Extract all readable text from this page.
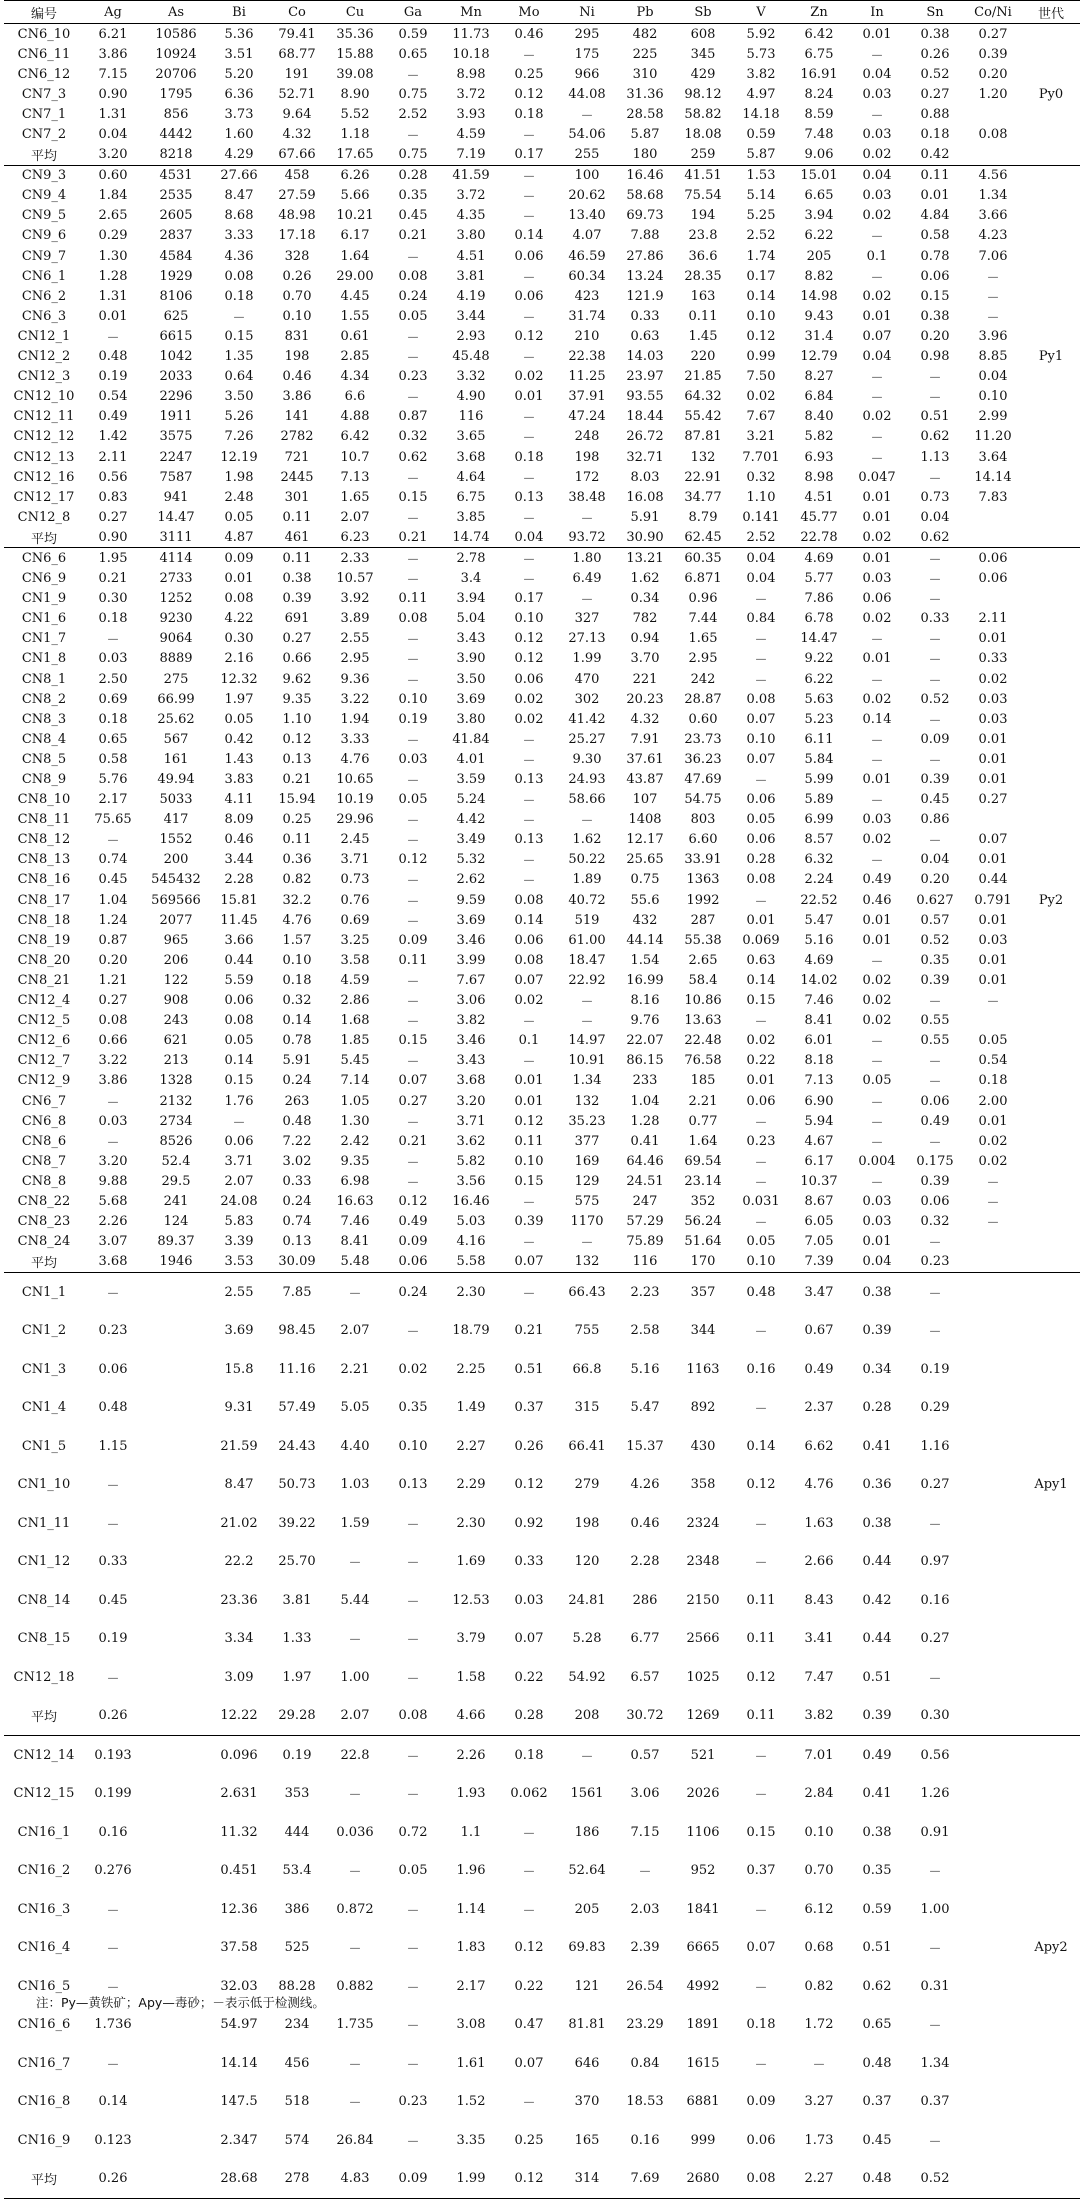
编号	Ag	As	Bi	Co	Cu	Ga	Mn	Mo	Ni	Pb	Sb	V	Zn	In	Sn	Co/Ni	世代
CN6_10	6.21	10586	5.36	79.41	35.36	0.59	11.73	0.46	295	482	608	5.92	6.42	0.01	0.38	0.27	
CN6_11	3.86	10924	3.51	68.77	15.88	0.65	10.18	－	175	225	345	5.73	6.75	－	0.26	0.39	
CN6_12	7.15	20706	5.20	191	39.08	－	8.98	0.25	966	310	429	3.82	16.91	0.04	0.52	0.20	
CN7_3	0.90	1795	6.36	52.71	8.90	0.75	3.72	0.12	44.08	31.36	98.12	4.97	8.24	0.03	0.27	1.20	Py0
CN7_1	1.31	856	3.73	9.64	5.52	2.52	3.93	0.18	－	28.58	58.82	14.18	8.59	－	0.88		
CN7_2	0.04	4442	1.60	4.32	1.18	－	4.59	－	54.06	5.87	18.08	0.59	7.48	0.03	0.18	0.08	
平均	3.20	8218	4.29	67.66	17.65	0.75	7.19	0.17	255	180	259	5.87	9.06	0.02	0.42		
CN9_3	0.60	4531	27.66	458	6.26	0.28	41.59	－	100	16.46	41.51	1.53	15.01	0.04	0.11	4.56	
CN9_4	1.84	2535	8.47	27.59	5.66	0.35	3.72	－	20.62	58.68	75.54	5.14	6.65	0.03	0.01	1.34	
CN9_5	2.65	2605	8.68	48.98	10.21	0.45	4.35	－	13.40	69.73	194	5.25	3.94	0.02	4.84	3.66	
CN9_6	0.29	2837	3.33	17.18	6.17	0.21	3.80	0.14	4.07	7.88	23.8	2.52	6.22	－	0.58	4.23	
CN9_7	1.30	4584	4.36	328	1.64	－	4.51	0.06	46.59	27.86	36.6	1.74	205	0.1	0.78	7.06	
CN6_1	1.28	1929	0.08	0.26	29.00	0.08	3.81	－	60.34	13.24	28.35	0.17	8.82	－	0.06	－	
CN6_2	1.31	8106	0.18	0.70	4.45	0.24	4.19	0.06	423	121.9	163	0.14	14.98	0.02	0.15	－	
CN6_3	0.01	625	－	0.10	1.55	0.05	3.44	－	31.74	0.33	0.11	0.10	9.43	0.01	0.38	－	
CN12_1	－	6615	0.15	831	0.61	－	2.93	0.12	210	0.63	1.45	0.12	31.4	0.07	0.20	3.96	
CN12_2	0.48	1042	1.35	198	2.85	－	45.48	－	22.38	14.03	220	0.99	12.79	0.04	0.98	8.85	Py1
CN12_3	0.19	2033	0.64	0.46	4.34	0.23	3.32	0.02	11.25	23.97	21.85	7.50	8.27	－	－	0.04	
CN12_10	0.54	2296	3.50	3.86	6.6	－	4.90	0.01	37.91	93.55	64.32	0.02	6.84	－	－	0.10	
CN12_11	0.49	1911	5.26	141	4.88	0.87	116	－	47.24	18.44	55.42	7.67	8.40	0.02	0.51	2.99	
CN12_12	1.42	3575	7.26	2782	6.42	0.32	3.65	－	248	26.72	87.81	3.21	5.82	－	0.62	11.20	
CN12_13	2.11	2247	12.19	721	10.7	0.62	3.68	0.18	198	32.71	132	7.701	6.93	－	1.13	3.64	
CN12_16	0.56	7587	1.98	2445	7.13	－	4.64	－	172	8.03	22.91	0.32	8.98	0.047	－	14.14	
CN12_17	0.83	941	2.48	301	1.65	0.15	6.75	0.13	38.48	16.08	34.77	1.10	4.51	0.01	0.73	7.83	
CN12_8	0.27	14.47	0.05	0.11	2.07	－	3.85	－	－	5.91	8.79	0.141	45.77	0.01	0.04		
平均	0.90	3111	4.87	461	6.23	0.21	14.74	0.04	93.72	30.90	62.45	2.52	22.78	0.02	0.62		
CN6_6	1.95	4114	0.09	0.11	2.33	－	2.78	－	1.80	13.21	60.35	0.04	4.69	0.01	－	0.06	
CN6_9	0.21	2733	0.01	0.38	10.57	－	3.4	－	6.49	1.62	6.871	0.04	5.77	0.03	－	0.06	
CN1_9	0.30	1252	0.08	0.39	3.92	0.11	3.94	0.17	－	0.34	0.96	－	7.86	0.06	－		
CN1_6	0.18	9230	4.22	691	3.89	0.08	5.04	0.10	327	782	7.44	0.84	6.78	0.02	0.33	2.11	
CN1_7	－	9064	0.30	0.27	2.55	－	3.43	0.12	27.13	0.94	1.65	－	14.47	－	－	0.01	
CN1_8	0.03	8889	2.16	0.66	2.95	－	3.90	0.12	1.99	3.70	2.95	－	9.22	0.01	－	0.33	
CN8_1	2.50	275	12.32	9.62	9.36	－	3.50	0.06	470	221	242	－	6.22	－	－	0.02	
CN8_2	0.69	66.99	1.97	9.35	3.22	0.10	3.69	0.02	302	20.23	28.87	0.08	5.63	0.02	0.52	0.03	
CN8_3	0.18	25.62	0.05	1.10	1.94	0.19	3.80	0.02	41.42	4.32	0.60	0.07	5.23	0.14	－	0.03	
CN8_4	0.65	567	0.42	0.12	3.33	－	41.84	－	25.27	7.91	23.73	0.10	6.11	－	0.09	0.01	
CN8_5	0.58	161	1.43	0.13	4.76	0.03	4.01	－	9.30	37.61	36.23	0.07	5.84	－	－	0.01	
CN8_9	5.76	49.94	3.83	0.21	10.65	－	3.59	0.13	24.93	43.87	47.69	－	5.99	0.01	0.39	0.01	
CN8_10	2.17	5033	4.11	15.94	10.19	0.05	5.24	－	58.66	107	54.75	0.06	5.89	－	0.45	0.27	
CN8_11	75.65	417	8.09	0.25	29.96	－	4.42	－	－	1408	803	0.05	6.99	0.03	0.86		
CN8_12	－	1552	0.46	0.11	2.45	－	3.49	0.13	1.62	12.17	6.60	0.06	8.57	0.02	－	0.07	
CN8_13	0.74	200	3.44	0.36	3.71	0.12	5.32	－	50.22	25.65	33.91	0.28	6.32	－	0.04	0.01	
CN8_16	0.45	545432	2.28	0.82	0.73	－	2.62	－	1.89	0.75	1363	0.08	2.24	0.49	0.20	0.44	
CN8_17	1.04	569566	15.81	32.2	0.76	－	9.59	0.08	40.72	55.6	1992	－	22.52	0.46	0.627	0.791	Py2
CN8_18	1.24	2077	11.45	4.76	0.69	－	3.69	0.14	519	432	287	0.01	5.47	0.01	0.57	0.01	
CN8_19	0.87	965	3.66	1.57	3.25	0.09	3.46	0.06	61.00	44.14	55.38	0.069	5.16	0.01	0.52	0.03	
CN8_20	0.20	206	0.44	0.10	3.58	0.11	3.99	0.08	18.47	1.54	2.65	0.63	4.69	－	0.35	0.01	
CN8_21	1.21	122	5.59	0.18	4.59	－	7.67	0.07	22.92	16.99	58.4	0.14	14.02	0.02	0.39	0.01	
CN12_4	0.27	908	0.06	0.32	2.86	－	3.06	0.02	－	8.16	10.86	0.15	7.46	0.02	－	－	
CN12_5	0.08	243	0.08	0.14	1.68	－	3.82	－	－	9.76	13.63	－	8.41	0.02	0.55		
CN12_6	0.66	621	0.05	0.78	1.85	0.15	3.46	0.1	14.97	22.07	22.48	0.02	6.01	－	0.55	0.05	
CN12_7	3.22	213	0.14	5.91	5.45	－	3.43	－	10.91	86.15	76.58	0.22	8.18	－	－	0.54	
CN12_9	3.86	1328	0.15	0.24	7.14	0.07	3.68	0.01	1.34	233	185	0.01	7.13	0.05	－	0.18	
CN6_7	－	2132	1.76	263	1.05	0.27	3.20	0.01	132	1.04	2.21	0.06	6.90	－	0.06	2.00	
CN6_8	0.03	2734	－	0.48	1.30	－	3.71	0.12	35.23	1.28	0.77	－	5.94	－	0.49	0.01	
CN8_6	－	8526	0.06	7.22	2.42	0.21	3.62	0.11	377	0.41	1.64	0.23	4.67	－	－	0.02	
CN8_7	3.20	52.4	3.71	3.02	9.35	－	5.82	0.10	169	64.46	69.54	－	6.17	0.004	0.175	0.02	
CN8_8	9.88	29.5	2.07	0.33	6.98	－	3.56	0.15	129	24.51	23.14	－	10.37	－	0.39	－	
CN8_22	5.68	241	24.08	0.24	16.63	0.12	16.46	－	575	247	352	0.031	8.67	0.03	0.06	－	
CN8_23	2.26	124	5.83	0.74	7.46	0.49	5.03	0.39	1170	57.29	56.24	－	6.05	0.03	0.32	－	
CN8_24	3.07	89.37	3.39	0.13	8.41	0.09	4.16	－	－	75.89	51.64	0.05	7.05	0.01	－		
平均	3.68	1946	3.53	30.09	5.48	0.06	5.58	0.07	132	116	170	0.10	7.39	0.04	0.23		
CN1_1	－		2.55	7.85	－	0.24	2.30	－	66.43	2.23	357	0.48	3.47	0.38	－		
CN1_2	0.23		3.69	98.45	2.07	－	18.79	0.21	755	2.58	344	－	0.67	0.39	－		
CN1_3	0.06		15.8	11.16	2.21	0.02	2.25	0.51	66.8	5.16	1163	0.16	0.49	0.34	0.19		
CN1_4	0.48		9.31	57.49	5.05	0.35	1.49	0.37	315	5.47	892	－	2.37	0.28	0.29		
CN1_5	1.15		21.59	24.43	4.40	0.10	2.27	0.26	66.41	15.37	430	0.14	6.62	0.41	1.16		
CN1_10	－		8.47	50.73	1.03	0.13	2.29	0.12	279	4.26	358	0.12	4.76	0.36	0.27		Apy1
CN1_11	－		21.02	39.22	1.59	－	2.30	0.92	198	0.46	2324	－	1.63	0.38	－		
CN1_12	0.33		22.2	25.70	－	－	1.69	0.33	120	2.28	2348	－	2.66	0.44	0.97		
CN8_14	0.45		23.36	3.81	5.44	－	12.53	0.03	24.81	286	2150	0.11	8.43	0.42	0.16		
CN8_15	0.19		3.34	1.33	－	－	3.79	0.07	5.28	6.77	2566	0.11	3.41	0.44	0.27		
CN12_18	－		3.09	1.97	1.00	－	1.58	0.22	54.92	6.57	1025	0.12	7.47	0.51	－		
平均	0.26		12.22	29.28	2.07	0.08	4.66	0.28	208	30.72	1269	0.11	3.82	0.39	0.30		
CN12_14	0.193		0.096	0.19	22.8	－	2.26	0.18	－	0.57	521	－	7.01	0.49	0.56		
CN12_15	0.199		2.631	353	－	－	1.93	0.062	1561	3.06	2026	－	2.84	0.41	1.26		
CN16_1	0.16		11.32	444	0.036	0.72	1.1	－	186	7.15	1106	0.15	0.10	0.38	0.91		
CN16_2	0.276		0.451	53.4	－	0.05	1.96	－	52.64	－	952	0.37	0.70	0.35	－		
CN16_3	－		12.36	386	0.872	－	1.14	－	205	2.03	1841	－	6.12	0.59	1.00		
CN16_4	－		37.58	525	－	－	1.83	0.12	69.83	2.39	6665	0.07	0.68	0.51	－		Apy2
CN16_5	－		32.03	88.28	0.882	－	2.17	0.22	121	26.54	4992	－	0.82	0.62	0.31		
CN16_6	1.736		54.97	234	1.735	－	3.08	0.47	81.81	23.29	1891	0.18	1.72	0.65	－		
CN16_7	－		14.14	456	－	－	1.61	0.07	646	0.84	1615	－	－	0.48	1.34		
CN16_8	0.14		147.5	518	－	0.23	1.52	－	370	18.53	6881	0.09	3.27	0.37	0.37		
CN16_9	0.123		2.347	574	26.84	－	3.35	0.25	165	0.16	999	0.06	1.73	0.45	－		
平均	0.26		28.68	278	4.83	0.09	1.99	0.12	314	7.69	2680	0.08	2.27	0.48	0.52		
注：Py—黄铁矿；Apy—毒砂；－表示低于检测线。
